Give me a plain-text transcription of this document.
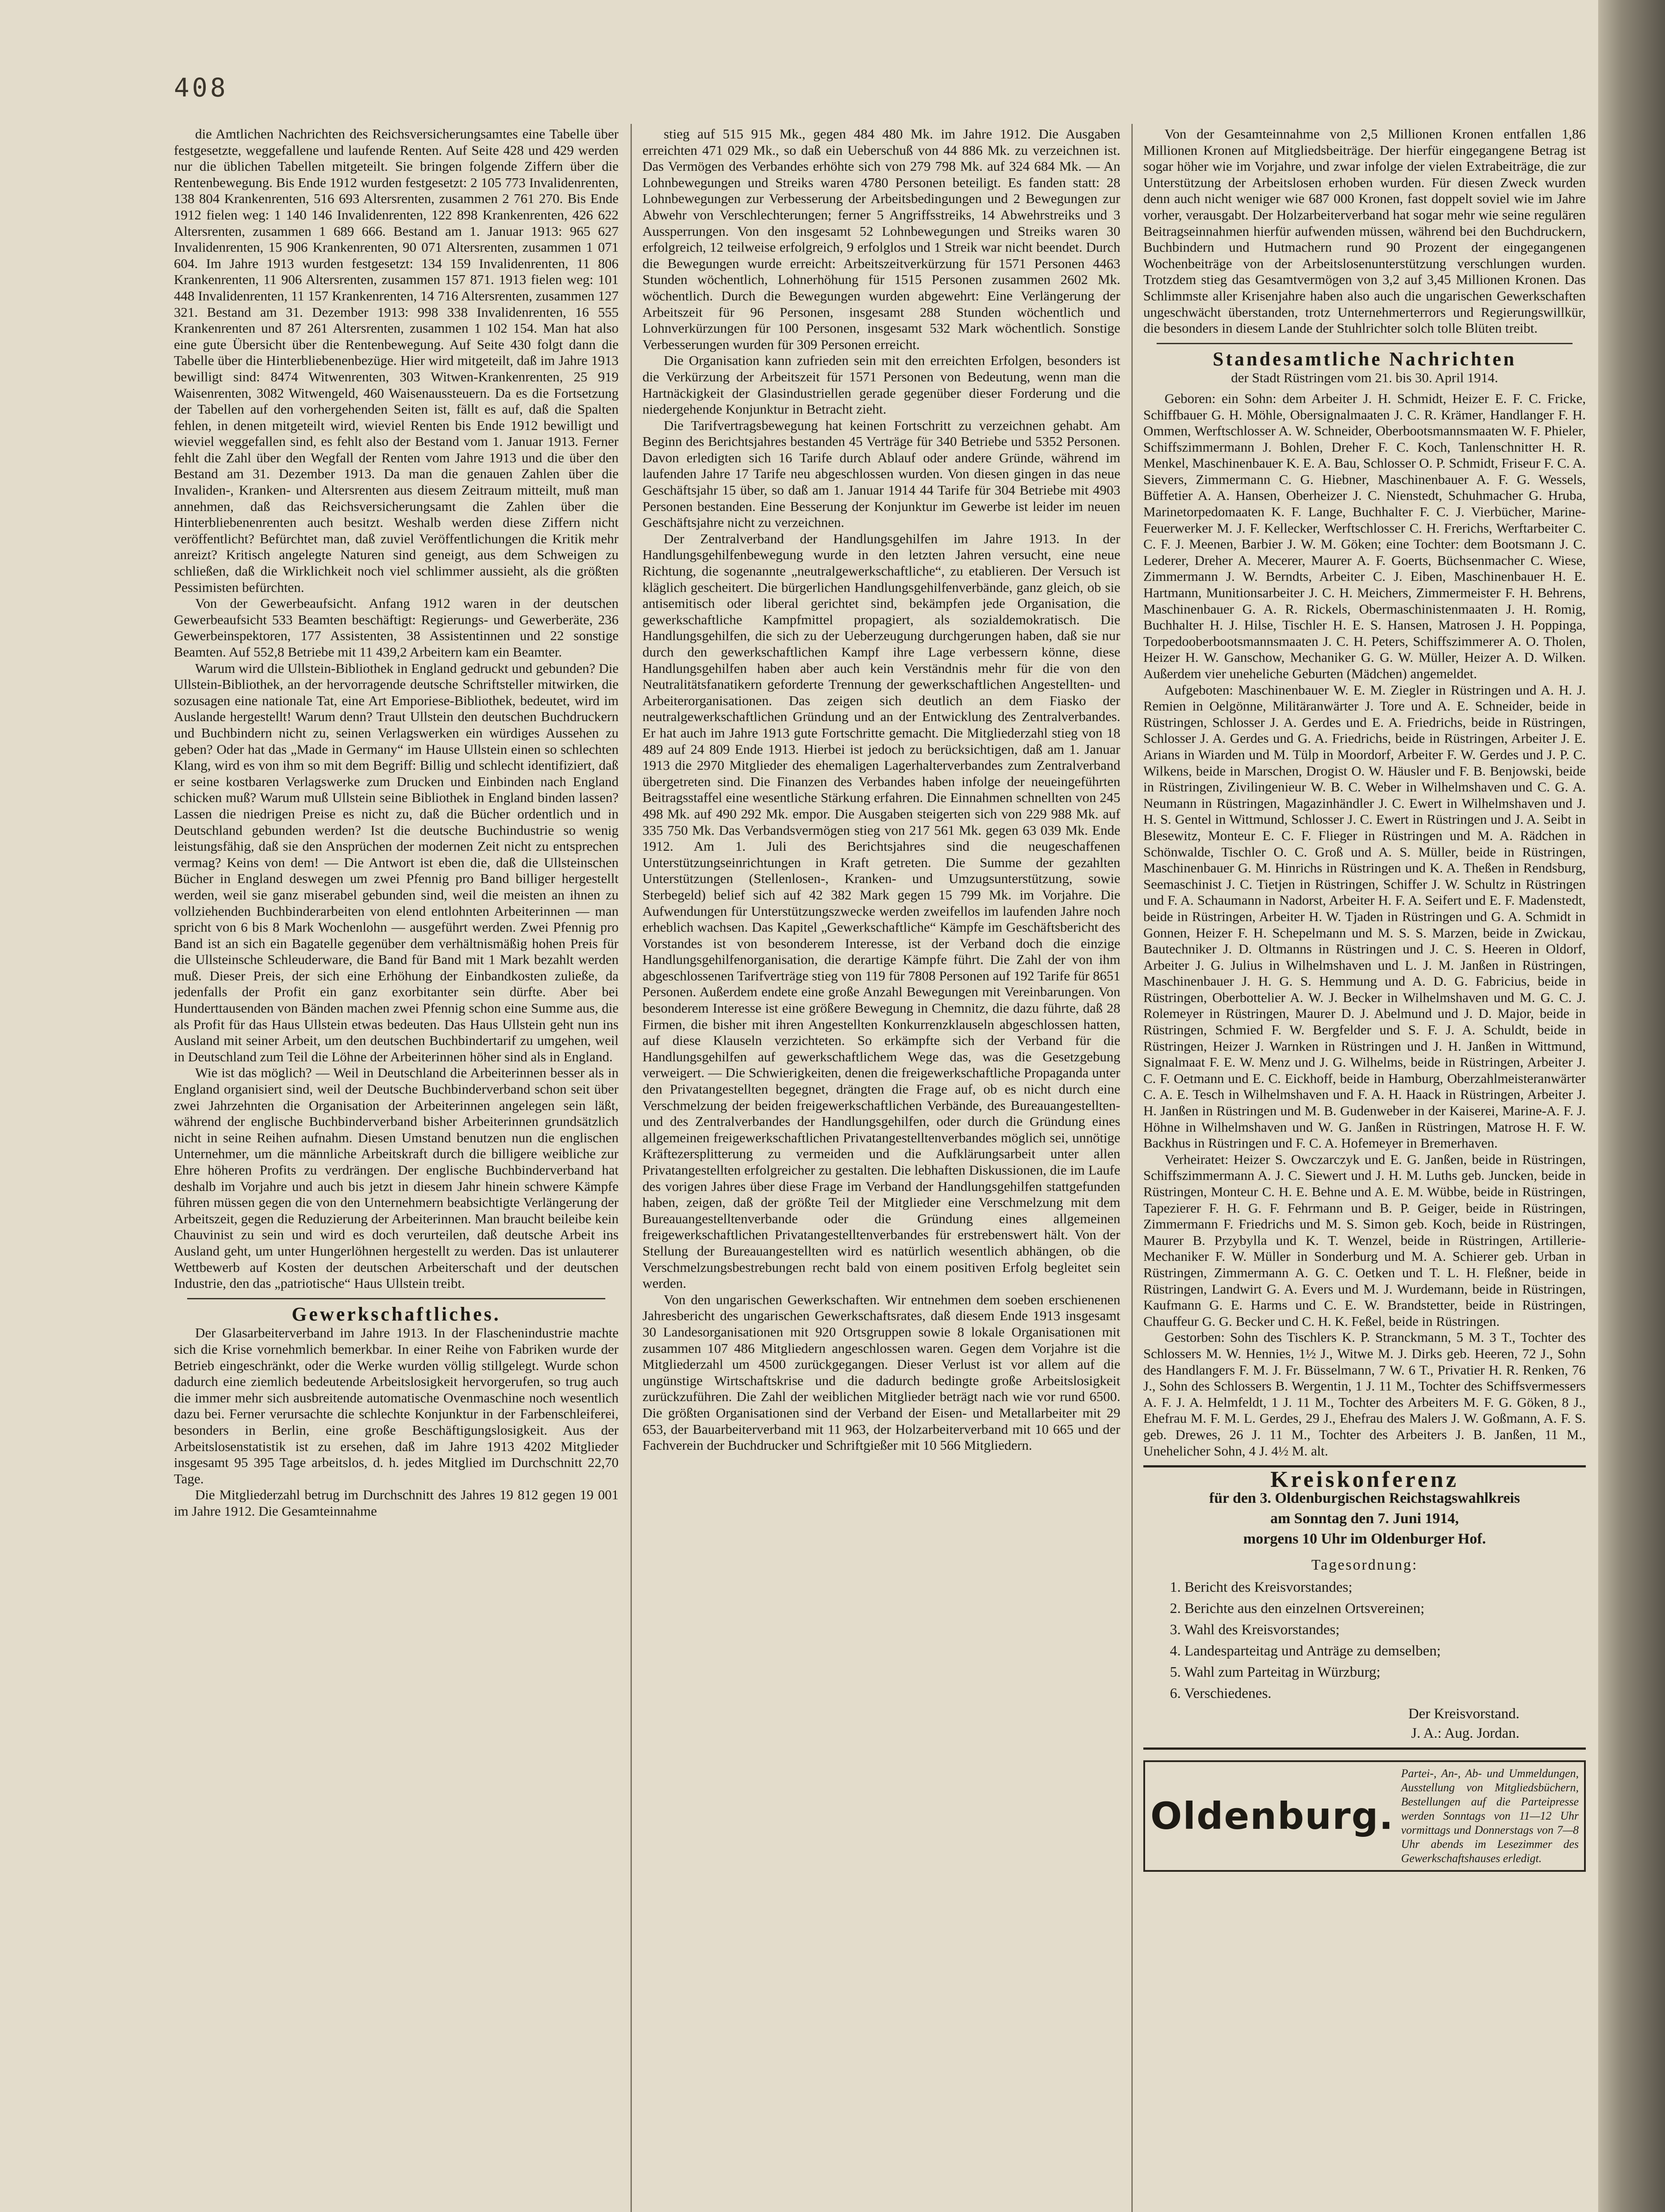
408

die Amtlichen Nachrichten des Reichsversicherungsamtes eine Tabelle über festgesetzte, weggefallene und laufende Renten. Auf Seite 428 und 429 werden nur die üblichen Tabellen mitgeteilt. Sie bringen folgende Ziffern über die Rentenbewegung. Bis Ende 1912 wurden festgesetzt: 2 105 773 Invalidenrenten, 138 804 Krankenrenten, 516 693 Altersrenten, zusammen 2 761 270. Bis Ende 1912 fielen weg: 1 140 146 Invalidenrenten, 122 898 Krankenrenten, 426 622 Altersrenten, zusammen 1 689 666. Bestand am 1. Januar 1913: 965 627 Invalidenrenten, 15 906 Krankenrenten, 90 071 Altersrenten, zusammen 1 071 604. Im Jahre 1913 wurden festgesetzt: 134 159 Invalidenrenten, 11 806 Krankenrenten, 11 906 Altersrenten, zusammen 157 871. 1913 fielen weg: 101 448 Invalidenrenten, 11 157 Krankenrenten, 14 716 Altersrenten, zusammen 127 321. Bestand am 31. Dezember 1913: 998 338 Invalidenrenten, 16 555 Krankenrenten und 87 261 Altersrenten, zusammen 1 102 154. Man hat also eine gute Übersicht über die Rentenbewegung. Auf Seite 430 folgt dann die Tabelle über die Hinterbliebenenbezüge. Hier wird mitgeteilt, daß im Jahre 1913 bewilligt sind: 8474 Witwenrenten, 303 Witwen-Krankenrenten, 25 919 Waisenrenten, 3082 Witwengeld, 460 Waisenaussteuern. Da es die Fortsetzung der Tabellen auf den vorhergehenden Seiten ist, fällt es auf, daß die Spalten fehlen, in denen mitgeteilt wird, wieviel Renten bis Ende 1912 bewilligt und wieviel weggefallen sind, es fehlt also der Bestand vom 1. Januar 1913. Ferner fehlt die Zahl über den Wegfall der Renten vom Jahre 1913 und die über den Bestand am 31. Dezember 1913. Da man die genauen Zahlen über die Invaliden-, Kranken- und Altersrenten aus diesem Zeitraum mitteilt, muß man annehmen, daß das Reichsversicherungsamt die Zahlen über die Hinterbliebenenrenten auch besitzt. Weshalb werden diese Ziffern nicht veröffentlicht? Befürchtet man, daß zuviel Veröffentlichungen die Kritik mehr anreizt? Kritisch angelegte Naturen sind geneigt, aus dem Schweigen zu schließen, daß die Wirklichkeit noch viel schlimmer aussieht, als die größten Pessimisten befürchten.

Von der Gewerbeaufsicht. Anfang 1912 waren in der deutschen Gewerbeaufsicht 533 Beamten beschäftigt: Regierungs- und Gewerberäte, 236 Gewerbeinspektoren, 177 Assistenten, 38 Assistentinnen und 22 sonstige Beamten. Auf 552,8 Betriebe mit 11 439,2 Arbeitern kam ein Beamter.

Warum wird die Ullstein-Bibliothek in England gedruckt und gebunden? Die Ullstein-Bibliothek, an der hervorragende deutsche Schriftsteller mitwirken, die sozusagen eine nationale Tat, eine Art Emporiese-Bibliothek, bedeutet, wird im Auslande hergestellt! Warum denn? Traut Ullstein den deutschen Buchdruckern und Buchbindern nicht zu, seinen Verlagswerken ein würdiges Aussehen zu geben? Oder hat das „Made in Germany“ im Hause Ullstein einen so schlechten Klang, wird es von ihm so mit dem Begriff: Billig und schlecht identifiziert, daß er seine kostbaren Verlagswerke zum Drucken und Einbinden nach England schicken muß? Warum muß Ullstein seine Bibliothek in England binden lassen? Lassen die niedrigen Preise es nicht zu, daß die Bücher ordentlich und in Deutschland gebunden werden? Ist die deutsche Buchindustrie so wenig leistungsfähig, daß sie den Ansprüchen der modernen Zeit nicht zu entsprechen vermag? Keins von dem! — Die Antwort ist eben die, daß die Ullsteinschen Bücher in England deswegen um zwei Pfennig pro Band billiger hergestellt werden, weil sie ganz miserabel gebunden sind, weil die meisten an ihnen zu vollziehenden Buchbinderarbeiten von elend entlohnten Arbeiterinnen — man spricht von 6 bis 8 Mark Wochenlohn — ausgeführt werden. Zwei Pfennig pro Band ist an sich ein Bagatelle gegenüber dem verhältnismäßig hohen Preis für die Ullsteinsche Schleuderware, die Band für Band mit 1 Mark bezahlt werden muß. Dieser Preis, der sich eine Erhöhung der Einbandkosten zuließe, da jedenfalls der Profit ein ganz exorbitanter sein dürfte. Aber bei Hunderttausenden von Bänden machen zwei Pfennig schon eine Summe aus, die als Profit für das Haus Ullstein etwas bedeuten. Das Haus Ullstein geht nun ins Ausland mit seiner Arbeit, um den deutschen Buchbindertarif zu umgehen, weil in Deutschland zum Teil die Löhne der Arbeiterinnen höher sind als in England.

Wie ist das möglich? — Weil in Deutschland die Arbeiterinnen besser als in England organisiert sind, weil der Deutsche Buchbinderverband schon seit über zwei Jahrzehnten die Organisation der Arbeiterinnen angelegen sein läßt, während der englische Buchbinderverband bisher Arbeiterinnen grundsätzlich nicht in seine Reihen aufnahm. Diesen Umstand benutzen nun die englischen Unternehmer, um die männliche Arbeitskraft durch die billigere weibliche zur Ehre höheren Profits zu verdrängen. Der englische Buchbinderverband hat deshalb im Vorjahre und auch bis jetzt in diesem Jahr hinein schwere Kämpfe führen müssen gegen die von den Unternehmern beabsichtigte Verlängerung der Arbeitszeit, gegen die Reduzierung der Arbeiterinnen. Man braucht beileibe kein Chauvinist zu sein und wird es doch verurteilen, daß deutsche Arbeit ins Ausland geht, um unter Hungerlöhnen hergestellt zu werden. Das ist unlauterer Wettbewerb auf Kosten der deutschen Arbeiterschaft und der deutschen Industrie, den das „patriotische“ Haus Ullstein treibt.

Gewerkschaftliches.

Der Glasarbeiterverband im Jahre 1913. In der Flaschenindustrie machte sich die Krise vornehmlich bemerkbar. In einer Reihe von Fabriken wurde der Betrieb eingeschränkt, oder die Werke wurden völlig stillgelegt. Wurde schon dadurch eine ziemlich bedeutende Arbeitslosigkeit hervorgerufen, so trug auch die immer mehr sich ausbreitende automatische Ovenmaschine noch wesentlich dazu bei. Ferner verursachte die schlechte Konjunktur in der Farbenschleiferei, besonders in Berlin, eine große Beschäftigungslosigkeit. Aus der Arbeitslosenstatistik ist zu ersehen, daß im Jahre 1913 4202 Mitglieder insgesamt 95 395 Tage arbeitslos, d. h. jedes Mitglied im Durchschnitt 22,70 Tage.

Die Mitgliederzahl betrug im Durchschnitt des Jahres 19 812 gegen 19 001 im Jahre 1912. Die Gesamteinnahme

stieg auf 515 915 Mk., gegen 484 480 Mk. im Jahre 1912. Die Ausgaben erreichten 471 029 Mk., so daß ein Ueberschuß von 44 886 Mk. zu verzeichnen ist. Das Vermögen des Verbandes erhöhte sich von 279 798 Mk. auf 324 684 Mk. — An Lohnbewegungen und Streiks waren 4780 Personen beteiligt. Es fanden statt: 28 Lohnbewegungen zur Verbesserung der Arbeitsbedingungen und 2 Bewegungen zur Abwehr von Verschlechterungen; ferner 5 Angriffsstreiks, 14 Abwehrstreiks und 3 Aussperrungen. Von den insgesamt 52 Lohnbewegungen und Streiks waren 30 erfolgreich, 12 teilweise erfolgreich, 9 erfolglos und 1 Streik war nicht beendet. Durch die Bewegungen wurde erreicht: Arbeitszeitverkürzung für 1571 Personen 4463 Stunden wöchentlich, Lohnerhöhung für 1515 Personen zusammen 2602 Mk. wöchentlich. Durch die Bewegungen wurden abgewehrt: Eine Verlängerung der Arbeitszeit für 96 Personen, insgesamt 288 Stunden wöchentlich und Lohnverkürzungen für 100 Personen, insgesamt 532 Mark wöchentlich. Sonstige Verbesserungen wurden für 309 Personen erreicht.

Die Organisation kann zufrieden sein mit den erreichten Erfolgen, besonders ist die Verkürzung der Arbeitszeit für 1571 Personen von Bedeutung, wenn man die Hartnäckigkeit der Glasindustriellen gerade gegenüber dieser Forderung und die niedergehende Konjunktur in Betracht zieht.

Die Tarifvertragsbewegung hat keinen Fortschritt zu verzeichnen gehabt. Am Beginn des Berichtsjahres bestanden 45 Verträge für 340 Betriebe und 5352 Personen. Davon erledigten sich 16 Tarife durch Ablauf oder andere Gründe, während im laufenden Jahre 17 Tarife neu abgeschlossen wurden. Von diesen gingen in das neue Geschäftsjahr 15 über, so daß am 1. Januar 1914 44 Tarife für 304 Betriebe mit 4903 Personen bestanden. Eine Besserung der Konjunktur im Gewerbe ist leider im neuen Geschäftsjahre nicht zu verzeichnen.

Der Zentralverband der Handlungsgehilfen im Jahre 1913. In der Handlungsgehilfenbewegung wurde in den letzten Jahren versucht, eine neue Richtung, die sogenannte „neutralgewerkschaftliche“, zu etablieren. Der Versuch ist kläglich gescheitert. Die bürgerlichen Handlungsgehilfenverbände, ganz gleich, ob sie antisemitisch oder liberal gerichtet sind, bekämpfen jede Organisation, die gewerkschaftliche Kampfmittel propagiert, als sozialdemokratisch. Die Handlungsgehilfen, die sich zu der Ueberzeugung durchgerungen haben, daß sie nur durch den gewerkschaftlichen Kampf ihre Lage verbessern könne, diese Handlungsgehilfen haben aber auch kein Verständnis mehr für die von den Neutralitätsfanatikern geforderte Trennung der gewerkschaftlichen Angestellten- und Arbeiterorganisationen. Das zeigen sich deutlich an dem Fiasko der neutralgewerkschaftlichen Gründung und an der Entwicklung des Zentralverbandes. Er hat auch im Jahre 1913 gute Fortschritte gemacht. Die Mitgliederzahl stieg von 18 489 auf 24 809 Ende 1913. Hierbei ist jedoch zu berücksichtigen, daß am 1. Januar 1913 die 2970 Mitglieder des ehemaligen Lagerhalterverbandes zum Zentralverband übergetreten sind. Die Finanzen des Verbandes haben infolge der neueingeführten Beitragsstaffel eine wesentliche Stärkung erfahren. Die Einnahmen schnellten von 245 498 Mk. auf 490 292 Mk. empor. Die Ausgaben steigerten sich von 229 988 Mk. auf 335 750 Mk. Das Verbandsvermögen stieg von 217 561 Mk. gegen 63 039 Mk. Ende 1912. Am 1. Juli des Berichtsjahres sind die neugeschaffenen Unterstützungseinrichtungen in Kraft getreten. Die Summe der gezahlten Unterstützungen (Stellenlosen-, Kranken- und Umzugsunterstützung, sowie Sterbegeld) belief sich auf 42 382 Mark gegen 15 799 Mk. im Vorjahre. Die Aufwendungen für Unterstützungszwecke werden zweifellos im laufenden Jahre noch erheblich wachsen. Das Kapitel „Gewerkschaftliche“ Kämpfe im Geschäftsbericht des Vorstandes ist von besonderem Interesse, ist der Verband doch die einzige Handlungsgehilfenorganisation, die derartige Kämpfe führt. Die Zahl der von ihm abgeschlossenen Tarifverträge stieg von 119 für 7808 Personen auf 192 Tarife für 8651 Personen. Außerdem endete eine große Anzahl Bewegungen mit Vereinbarungen. Von besonderem Interesse ist eine größere Bewegung in Chemnitz, die dazu führte, daß 28 Firmen, die bisher mit ihren Angestellten Konkurrenzklauseln abgeschlossen hatten, auf diese Klauseln verzichteten. So erkämpfte sich der Verband für die Handlungsgehilfen auf gewerkschaftlichem Wege das, was die Gesetzgebung verweigert. — Die Schwierigkeiten, denen die freigewerkschaftliche Propaganda unter den Privatangestellten begegnet, drängten die Frage auf, ob es nicht durch eine Verschmelzung der beiden freigewerkschaftlichen Verbände, des Bureauangestellten- und des Zentralverbandes der Handlungsgehilfen, oder durch die Gründung eines allgemeinen freigewerkschaftlichen Privatangestelltenverbandes möglich sei, unnötige Kräftezersplitterung zu vermeiden und die Aufklärungsarbeit unter allen Privatangestellten erfolgreicher zu gestalten. Die lebhaften Diskussionen, die im Laufe des vorigen Jahres über diese Frage im Verband der Handlungsgehilfen stattgefunden haben, zeigen, daß der größte Teil der Mitglieder eine Verschmelzung mit dem Bureauangestelltenverbande oder die Gründung eines allgemeinen freigewerkschaftlichen Privatangestelltenverbandes für erstrebenswert hält. Von der Stellung der Bureauangestellten wird es natürlich wesentlich abhängen, ob die Verschmelzungsbestrebungen recht bald von einem positiven Erfolg begleitet sein werden.

Von den ungarischen Gewerkschaften. Wir entnehmen dem soeben erschienenen Jahresbericht des ungarischen Gewerkschaftsrates, daß diesem Ende 1913 insgesamt 30 Landesorganisationen mit 920 Ortsgruppen sowie 8 lokale Organisationen mit zusammen 107 486 Mitgliedern angeschlossen waren. Gegen dem Vorjahre ist die Mitgliederzahl um 4500 zurückgegangen. Dieser Verlust ist vor allem auf die ungünstige Wirtschaftskrise und die dadurch bedingte große Arbeitslosigkeit zurückzuführen. Die Zahl der weiblichen Mitglieder beträgt nach wie vor rund 6500. Die größten Organisationen sind der Verband der Eisen- und Metallarbeiter mit 29 653, der Bauarbeiterverband mit 11 963, der Holzarbeiterverband mit 10 665 und der Fachverein der Buchdrucker und Schriftgießer mit 10 566 Mitgliedern.

Von der Gesamteinnahme von 2,5 Millionen Kronen entfallen 1,86 Millionen Kronen auf Mitgliedsbeiträge. Der hierfür eingegangene Betrag ist sogar höher wie im Vorjahre, und zwar infolge der vielen Extrabeiträge, die zur Unterstützung der Arbeitslosen erhoben wurden. Für diesen Zweck wurden denn auch nicht weniger wie 687 000 Kronen, fast doppelt soviel wie im Jahre vorher, verausgabt. Der Holzarbeiterverband hat sogar mehr wie seine regulären Beitragseinnahmen hierfür aufwenden müssen, während bei den Buchdruckern, Buchbindern und Hutmachern rund 90 Prozent der eingegangenen Wochenbeiträge von der Arbeitslosenunterstützung verschlungen wurden. Trotzdem stieg das Gesamtvermögen von 3,2 auf 3,45 Millionen Kronen. Das Schlimmste aller Krisenjahre haben also auch die ungarischen Gewerkschaften ungeschwächt überstanden, trotz Unternehmerterrors und Regierungswillkür, die besonders in diesem Lande der Stuhlrichter solch tolle Blüten treibt.

Standesamtliche Nachrichten
der Stadt Rüstringen vom 21. bis 30. April 1914.

Geboren: ein Sohn: dem Arbeiter J. H. Schmidt, Heizer E. F. C. Fricke, Schiffbauer G. H. Möhle, Obersignalmaaten J. C. R. Krämer, Handlanger F. H. Ommen, Werftschlosser A. W. Schneider, Oberbootsmannsmaaten W. F. Phieler, Schiffszimmermann J. Bohlen, Dreher F. C. Koch, Tanlenschnitter H. R. Menkel, Maschinenbauer K. E. A. Bau, Schlosser O. P. Schmidt, Friseur F. C. A. Sievers, Zimmermann C. G. Hiebner, Maschinenbauer A. F. G. Wessels, Büffetier A. A. Hansen, Oberheizer J. C. Nienstedt, Schuhmacher G. Hruba, Marinetorpedomaaten K. F. Lange, Buchhalter F. C. J. Vierbücher, Marine-Feuerwerker M. J. F. Kellecker, Werftschlosser C. H. Frerichs, Werftarbeiter C. C. F. J. Meenen, Barbier J. W. M. Göken; eine Tochter: dem Bootsmann J. C. Lederer, Dreher A. Mecerer, Maurer A. F. Goerts, Büchsenmacher C. Wiese, Zimmermann J. W. Berndts, Arbeiter C. J. Eiben, Maschinenbauer H. E. Hartmann, Munitionsarbeiter J. C. H. Meichers, Zimmermeister F. H. Behrens, Maschinenbauer G. A. R. Rickels, Obermaschinistenmaaten J. H. Romig, Buchhalter H. J. Hilse, Tischler H. E. S. Hansen, Matrosen J. H. Poppinga, Torpedooberbootsmannsmaaten J. C. H. Peters, Schiffszimmerer A. O. Tholen, Heizer H. W. Ganschow, Mechaniker G. G. W. Müller, Heizer A. D. Wilken. Außerdem vier uneheliche Geburten (Mädchen) angemeldet.

Aufgeboten: Maschinenbauer W. E. M. Ziegler in Rüstringen und A. H. J. Remien in Oelgönne, Militäranwärter J. Tore und A. E. Schneider, beide in Rüstringen, Schlosser J. A. Gerdes und E. A. Friedrichs, beide in Rüstringen, Schlosser J. A. Gerdes und G. A. Friedrichs, beide in Rüstringen, Arbeiter J. E. Arians in Wiarden und M. Tülp in Moordorf, Arbeiter F. W. Gerdes und J. P. C. Wilkens, beide in Marschen, Drogist O. W. Häusler und F. B. Benjowski, beide in Rüstringen, Zivilingenieur W. B. C. Weber in Wilhelmshaven und C. G. A. Neumann in Rüstringen, Magazinhändler J. C. Ewert in Wilhelmshaven und J. H. S. Gentel in Wittmund, Schlosser J. C. Ewert in Rüstringen und J. A. Seibt in Blesewitz, Monteur E. C. F. Flieger in Rüstringen und M. A. Rädchen in Schönwalde, Tischler O. C. Groß und A. S. Müller, beide in Rüstringen, Maschinenbauer G. M. Hinrichs in Rüstringen und K. A. Theßen in Rendsburg, Seemaschinist J. C. Tietjen in Rüstringen, Schiffer J. W. Schultz in Rüstringen und F. A. Schaumann in Nadorst, Arbeiter H. F. A. Seifert und E. F. Madenstedt, beide in Rüstringen, Arbeiter H. W. Tjaden in Rüstringen und G. A. Schmidt in Gonnen, Heizer F. H. Schepelmann und M. S. S. Marzen, beide in Zwickau, Bautechniker J. D. Oltmanns in Rüstringen und J. C. S. Heeren in Oldorf, Arbeiter J. G. Julius in Wilhelmshaven und L. J. M. Janßen in Rüstringen, Maschinenbauer J. H. G. S. Hemmung und A. D. G. Fabricius, beide in Rüstringen, Oberbottelier A. W. J. Becker in Wilhelmshaven und M. G. C. J. Rolemeyer in Rüstringen, Maurer D. J. Abelmund und J. D. Major, beide in Rüstringen, Schmied F. W. Bergfelder und S. F. J. A. Schuldt, beide in Rüstringen, Heizer J. Warnken in Rüstringen und J. H. Janßen in Wittmund, Signalmaat F. E. W. Menz und J. G. Wilhelms, beide in Rüstringen, Arbeiter J. C. F. Oetmann und E. C. Eickhoff, beide in Hamburg, Oberzahlmeisteranwärter C. A. E. Tesch in Wilhelmshaven und F. A. H. Haack in Rüstringen, Arbeiter J. H. Janßen in Rüstringen und M. B. Gudenweber in der Kaiserei, Marine-A. F. J. Höhne in Wilhelmshaven und W. G. Janßen in Rüstringen, Matrose H. F. W. Backhus in Rüstringen und F. C. A. Hofemeyer in Bremerhaven.

Verheiratet: Heizer S. Owczarczyk und E. G. Janßen, beide in Rüstringen, Schiffszimmermann A. J. C. Siewert und J. H. M. Luths geb. Juncken, beide in Rüstringen, Monteur C. H. E. Behne und A. E. M. Wübbe, beide in Rüstringen, Tapezierer F. H. G. F. Fehrmann und B. P. Geiger, beide in Rüstringen, Zimmermann F. Friedrichs und M. S. Simon geb. Koch, beide in Rüstringen, Maurer B. Przybylla und K. T. Wenzel, beide in Rüstringen, Artillerie-Mechaniker F. W. Müller in Sonderburg und M. A. Schierer geb. Urban in Rüstringen, Zimmermann A. G. C. Oetken und T. L. H. Fleßner, beide in Rüstringen, Landwirt G. A. Evers und M. J. Wurdemann, beide in Rüstringen, Kaufmann G. E. Harms und C. E. W. Brandstetter, beide in Rüstringen, Chauffeur G. G. Becker und C. H. K. Feßel, beide in Rüstringen.

Gestorben: Sohn des Tischlers K. P. Stranckmann, 5 M. 3 T., Tochter des Schlossers M. W. Hennies, 1½ J., Witwe M. J. Dirks geb. Heeren, 72 J., Sohn des Handlangers F. M. J. Fr. Büsselmann, 7 W. 6 T., Privatier H. R. Renken, 76 J., Sohn des Schlossers B. Wergentin, 1 J. 11 M., Tochter des Schiffsvermessers A. F. J. A. Helmfeldt, 1 J. 11 M., Tochter des Arbeiters M. F. G. Göken, 8 J., Ehefrau M. F. M. L. Gerdes, 29 J., Ehefrau des Malers J. W. Goßmann, A. F. S. geb. Drewes, 26 J. 11 M., Tochter des Arbeiters J. B. Janßen, 11 M., Unehelicher Sohn, 4 J. 4½ M. alt.

Kreiskonferenz
für den 3. Oldenburgischen Reichstagswahlkreis
am Sonntag den 7. Juni 1914,
morgens 10 Uhr im Oldenburger Hof.
Tagesordnung:
1. Bericht des Kreisvorstandes;
2. Berichte aus den einzelnen Ortsvereinen;
3. Wahl des Kreisvorstandes;
4. Landesparteitag und Anträge zu demselben;
5. Wahl zum Parteitag in Würzburg;
6. Verschiedenes.
Der Kreisvorstand.
J. A.: Aug. Jordan.
Oldenburg.
Partei-, An-, Ab- und Ummeldungen, Ausstellung von Mitgliedsbüchern, Bestellungen auf die Parteipresse werden Sonntags von 11—12 Uhr vormittags und Donnerstags von 7—8 Uhr abends im Lesezimmer des Gewerkschaftshauses erledigt.
